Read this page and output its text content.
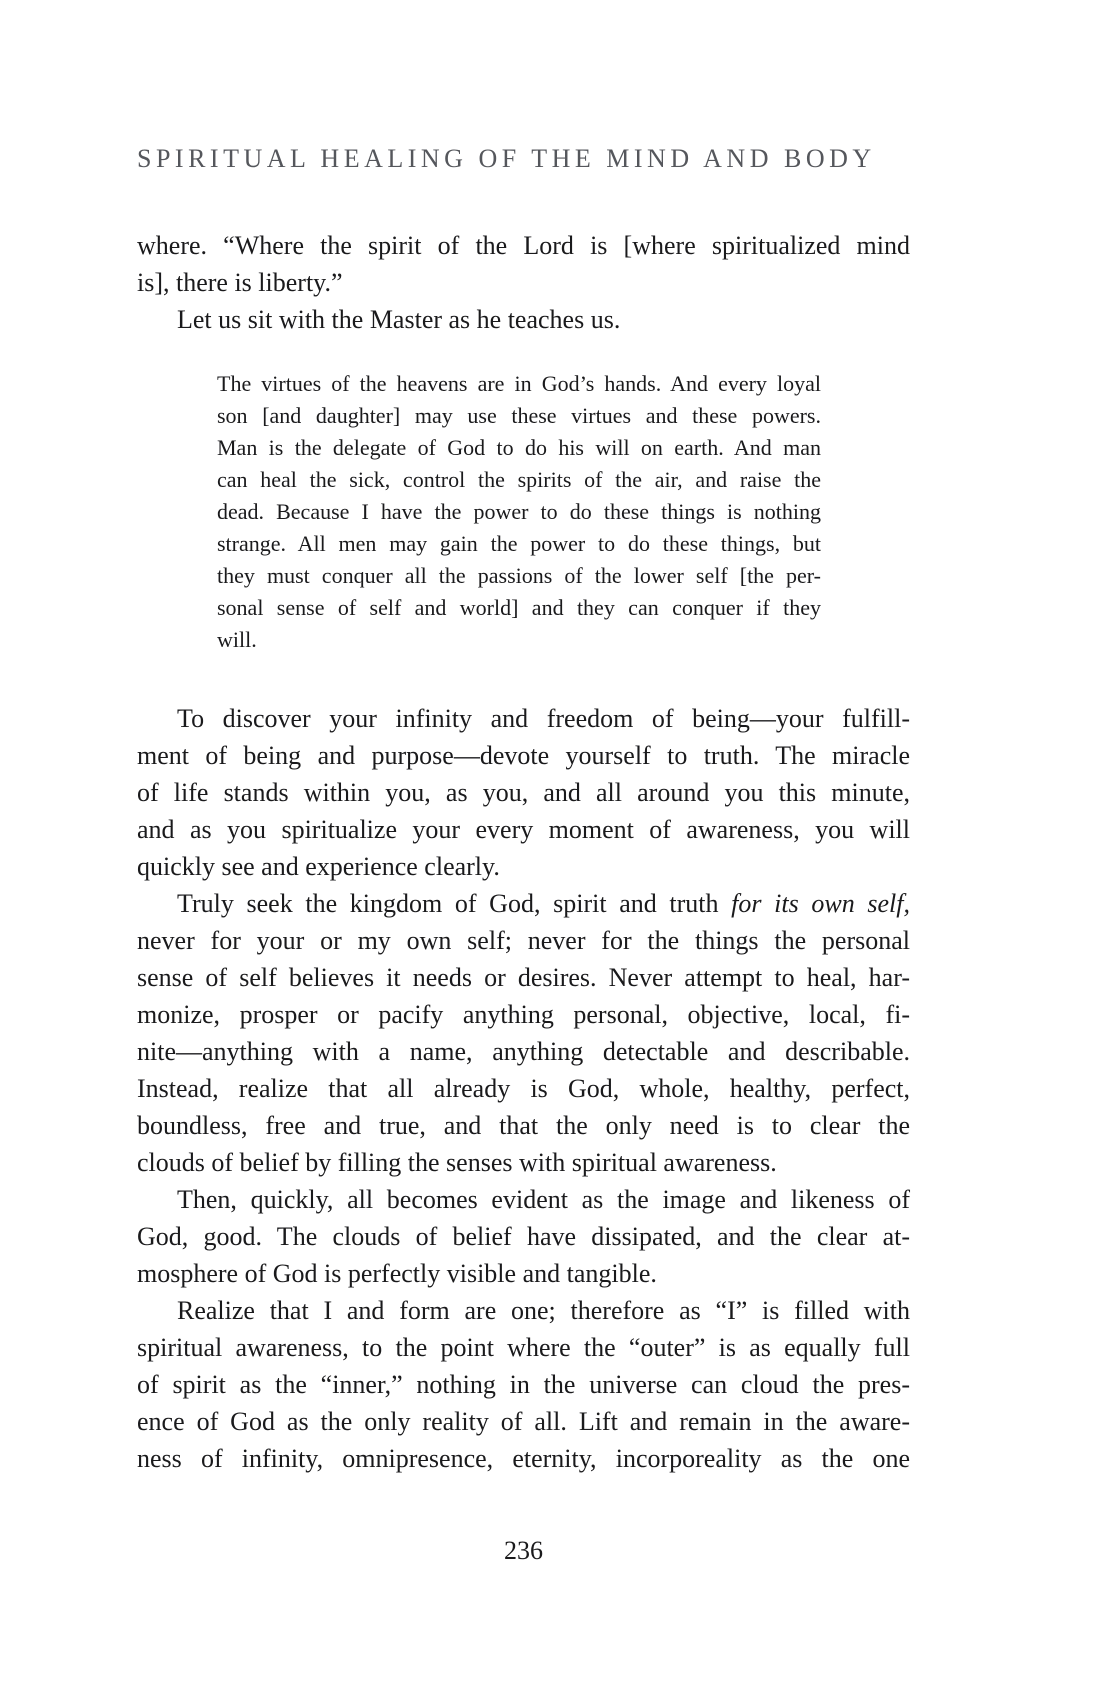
SPIRITUAL HEALING OF THE MIND AND BODY
where. “Where the spirit of the Lord is [where spiritualized mind
is], there is liberty.”
Let us sit with the Master as he teaches us.
The virtues of the heavens are in God’s hands. And every loyal
son [and daughter] may use these virtues and these powers.
Man is the delegate of God to do his will on earth. And man
can heal the sick, control the spirits of the air, and raise the
dead. Because I have the power to do these things is nothing
strange. All men may gain the power to do these things, but
they must conquer all the passions of the lower self [the per-
sonal sense of self and world] and they can conquer if they
will.
To discover your infinity and freedom of being—your fulfill-
ment of being and purpose—devote yourself to truth. The miracle
of life stands within you, as you, and all around you this minute,
and as you spiritualize your every moment of awareness, you will
quickly see and experience clearly.
Truly seek the kingdom of God, spirit and truth for its own self,
never for your or my own self; never for the things the personal
sense of self believes it needs or desires. Never attempt to heal, har-
monize, prosper or pacify anything personal, objective, local, fi-
nite—anything with a name, anything detectable and describable.
Instead, realize that all already is God, whole, healthy, perfect,
boundless, free and true, and that the only need is to clear the
clouds of belief by filling the senses with spiritual awareness.
Then, quickly, all becomes evident as the image and likeness of
God, good. The clouds of belief have dissipated, and the clear at-
mosphere of God is perfectly visible and tangible.
Realize that I and form are one; therefore as “I” is filled with
spiritual awareness, to the point where the “outer” is as equally full
of spirit as the “inner,” nothing in the universe can cloud the pres-
ence of God as the only reality of all. Lift and remain in the aware-
ness of infinity, omnipresence, eternity, incorporeality as the one
236
